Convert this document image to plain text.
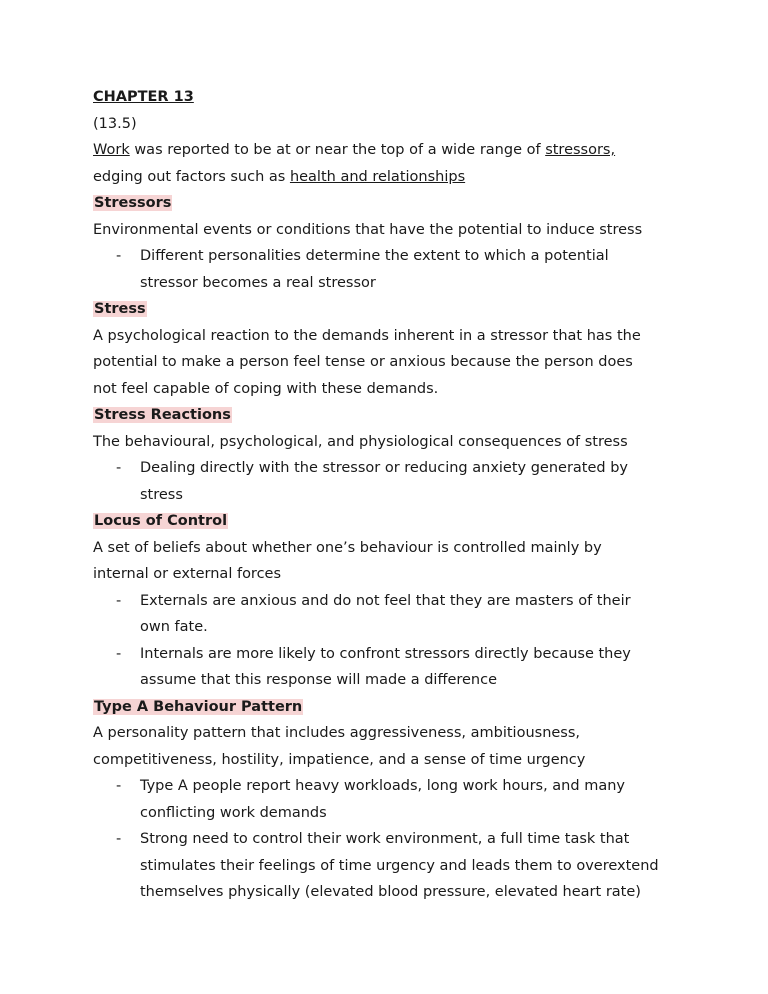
CHAPTER 13

(13.5)

Work was reported to be at or near the top of a wide range of stressors,

edging out factors such as health and relationships

Stressors

Environmental events or conditions that have the potential to induce stress

- Different personalities determine the extent to which a potential

stressor becomes a real stressor

Stress

A psychological reaction to the demands inherent in a stressor that has the

potential to make a person feel tense or anxious because the person does

not feel capable of coping with these demands.

Stress Reactions

The behavioural, psychological, and physiological consequences of stress

- Dealing directly with the stressor or reducing anxiety generated by

stress

Locus of Control

A set of beliefs about whether one’s behaviour is controlled mainly by

internal or external forces

- Externals are anxious and do not feel that they are masters of their

own fate.

- Internals are more likely to confront stressors directly because they

assume that this response will made a difference

Type A Behaviour Pattern

A personality pattern that includes aggressiveness, ambitiousness,

competitiveness, hostility, impatience, and a sense of time urgency

- Type A people report heavy workloads, long work hours, and many

conflicting work demands

- Strong need to control their work environment, a full time task that

stimulates their feelings of time urgency and leads them to overextend

themselves physically (elevated blood pressure, elevated heart rate)
